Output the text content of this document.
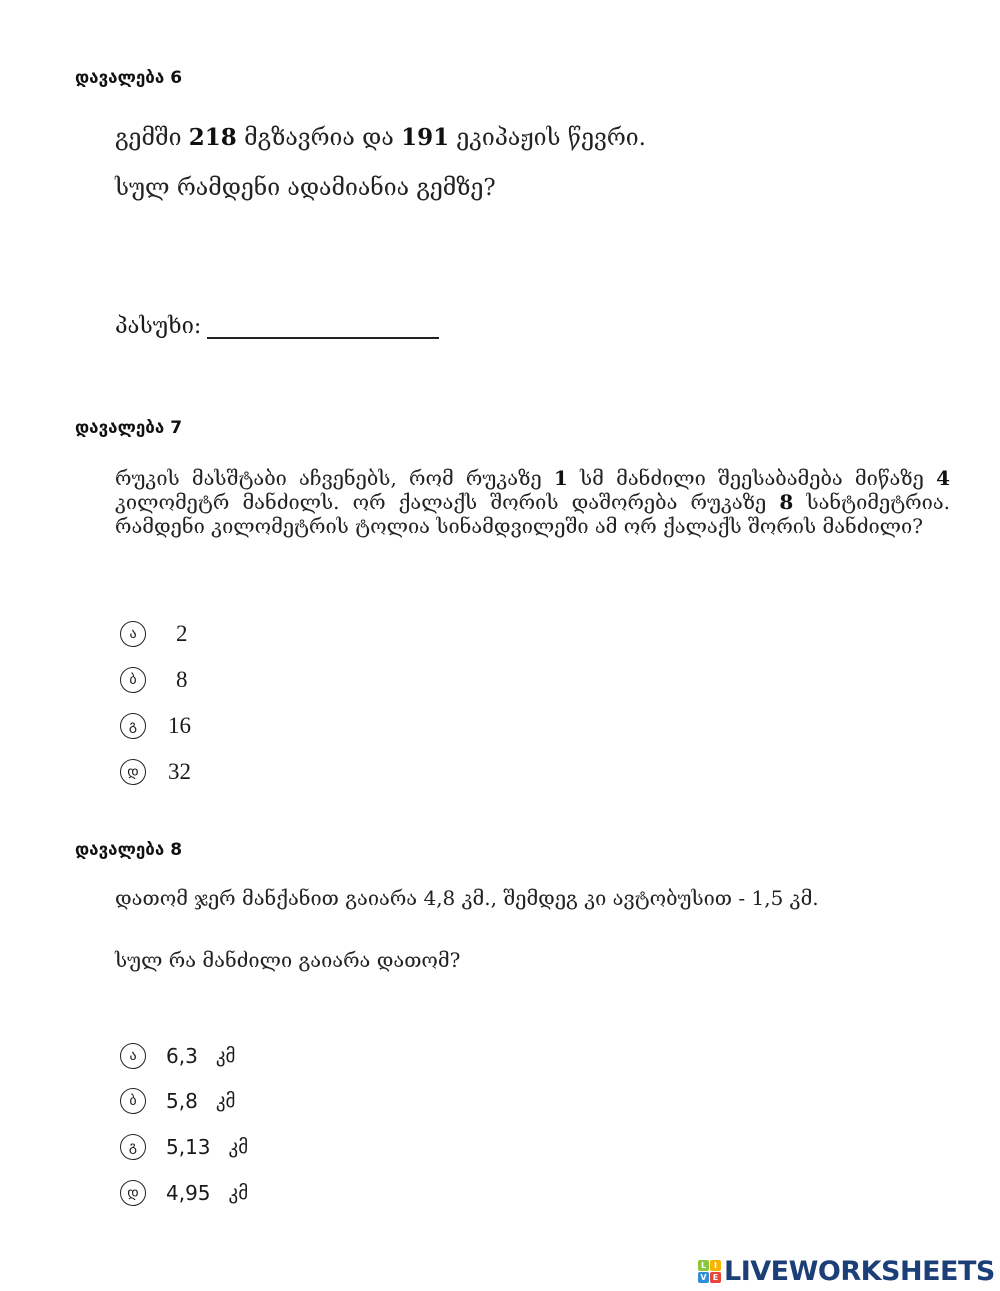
დავალება 6
გემში 218 მგზავრია და 191 ეკიპაჟის წევრი.
სულ რამდენი ადამიანია გემზე?
პასუხი:
დავალება 7
რუკის მასშტაბი აჩვენებს, რომ რუკაზე 1 სმ მანძილი შეესაბამება მიწაზე 4 კილომეტრ მანძილს. ორ ქალაქს შორის დაშორება რუკაზე 8 სანტიმეტრია. რამდენი კილომეტრის ტოლია სინამდვილეში ამ ორ ქალაქს შორის მანძილი?
ა	2
ბ	8
გ	16
დ	32
დავალება 8
დათომ ჯერ მანქანით გაიარა 4,8 კმ., შემდეგ კი ავტობუსით - 1,5 კმ.
სულ რა მანძილი გაიარა დათომ?
ა	6,3 კმ
ბ	5,8 კმ
გ	5,13 კმ
დ	4,95 კმ
L I
V E LIVEWORKSHEETS
